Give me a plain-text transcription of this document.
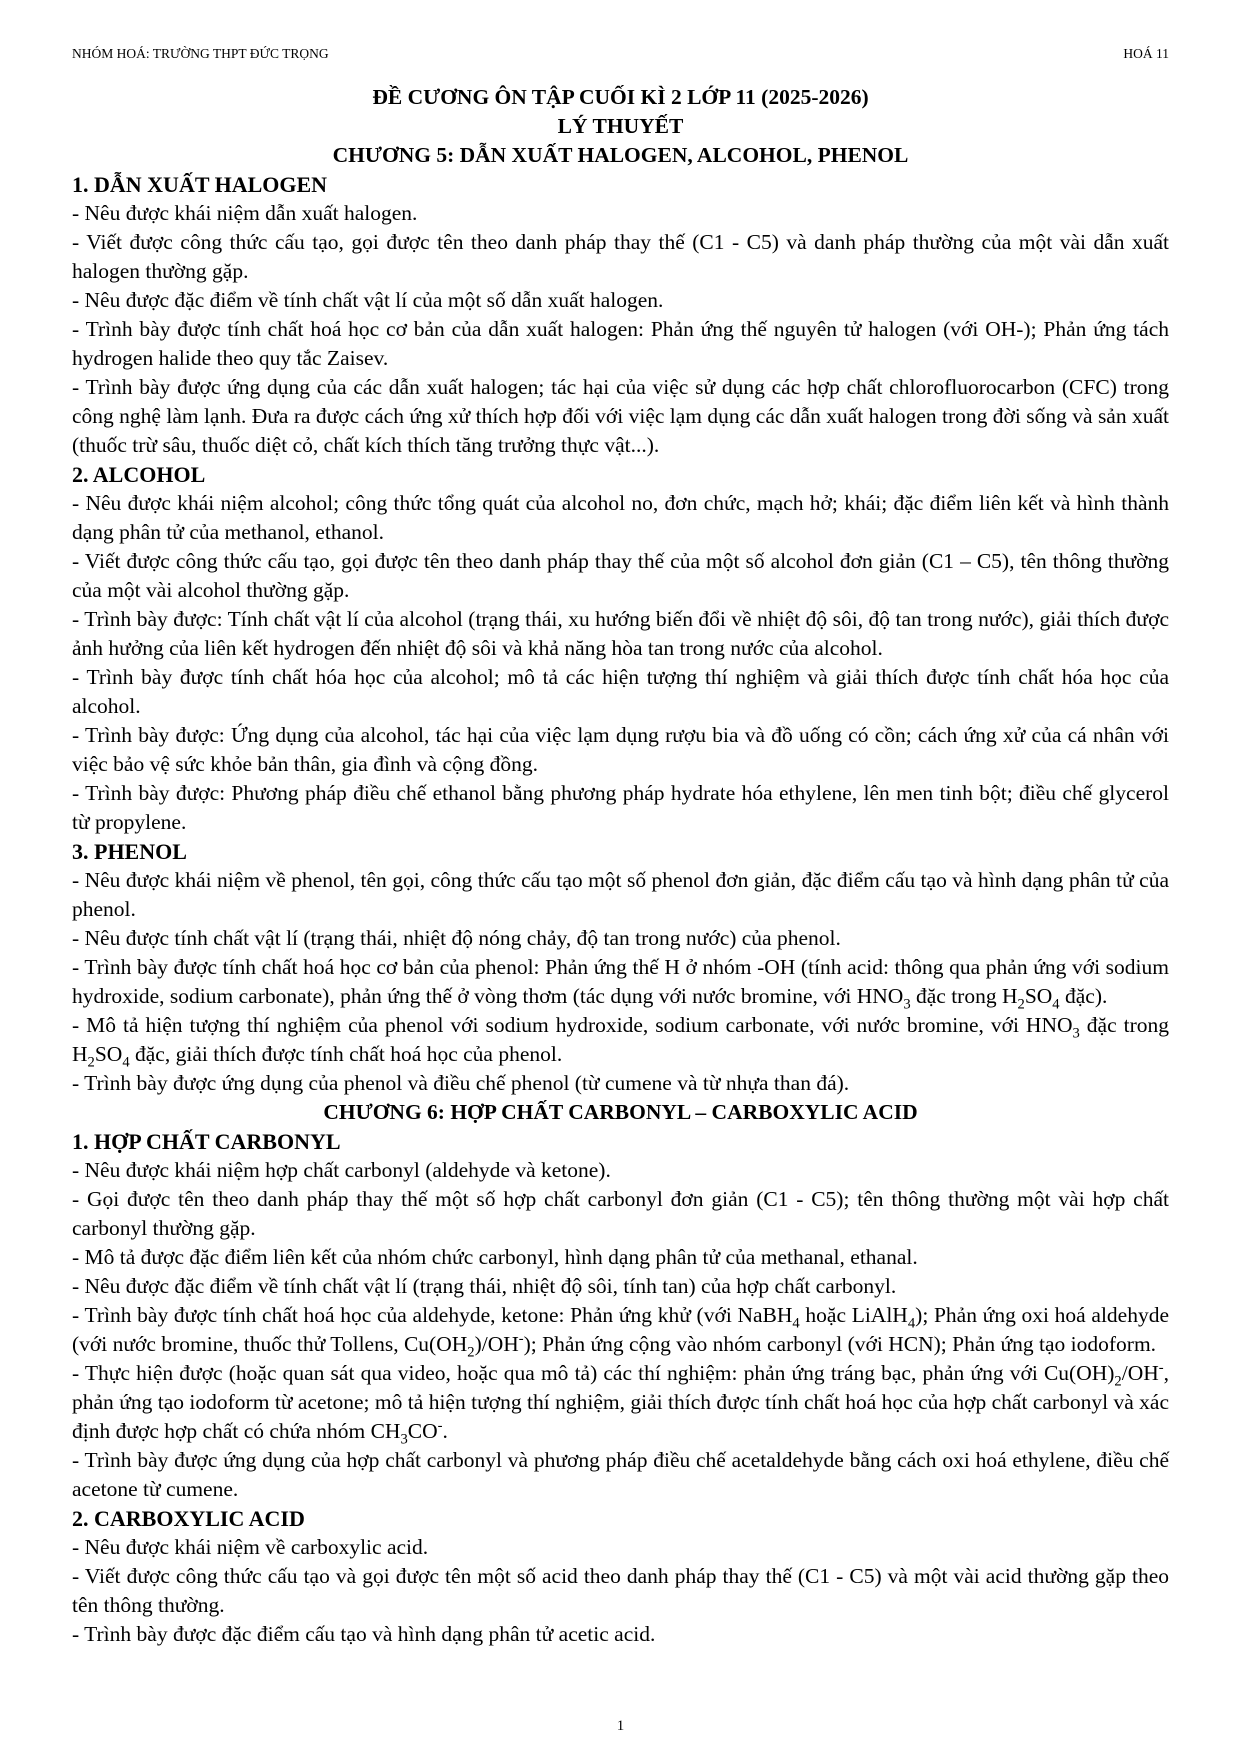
NHÓM HOÁ: TRƯỜNG THPT ĐỨC TRỌNG	HOÁ 11
ĐỀ CƯƠNG ÔN TẬP CUỐI KÌ 2 LỚP 11 (2025-2026)
LÝ THUYẾT
CHƯƠNG 5: DẪN XUẤT HALOGEN, ALCOHOL, PHENOL
1. DẪN XUẤT HALOGEN

- Nêu được khái niệm dẫn xuất halogen.

- Viết được công thức cấu tạo, gọi được tên theo danh pháp thay thế (C1 - C5) và danh pháp thường của một vài dẫn xuất halogen thường gặp.

- Nêu được đặc điểm về tính chất vật lí của một số dẫn xuất halogen.

- Trình bày được tính chất hoá học cơ bản của dẫn xuất halogen: Phản ứng thế nguyên tử halogen (với OH-); Phản ứng tách hydrogen halide theo quy tắc Zaisev.

- Trình bày được ứng dụng của các dẫn xuất halogen; tác hại của việc sử dụng các hợp chất chlorofluorocarbon (CFC) trong công nghệ làm lạnh. Đưa ra được cách ứng xử thích hợp đối với việc lạm dụng các dẫn xuất halogen trong đời sống và sản xuất (thuốc trừ sâu, thuốc diệt cỏ, chất kích thích tăng trưởng thực vật...).

2. ALCOHOL

- Nêu được khái niệm alcohol; công thức tổng quát của alcohol no, đơn chức, mạch hở; khái; đặc điểm liên kết và hình thành dạng phân tử của methanol, ethanol.

- Viết được công thức cấu tạo, gọi được tên theo danh pháp thay thế của một số alcohol đơn giản (C1 – C5), tên thông thường của một vài alcohol thường gặp.

- Trình bày được: Tính chất vật lí của alcohol (trạng thái, xu hướng biến đổi về nhiệt độ sôi, độ tan trong nước), giải thích được ảnh hưởng của liên kết hydrogen đến nhiệt độ sôi và khả năng hòa tan trong nước của alcohol.

- Trình bày được tính chất hóa học của alcohol; mô tả các hiện tượng thí nghiệm và giải thích được tính chất hóa học của alcohol.

- Trình bày được: Ứng dụng của alcohol, tác hại của việc lạm dụng rượu bia và đồ uống có cồn; cách ứng xử của cá nhân với việc bảo vệ sức khỏe bản thân, gia đình và cộng đồng.

- Trình bày được: Phương pháp điều chế ethanol bằng phương pháp hydrate hóa ethylene, lên men tinh bột; điều chế glycerol từ propylene.

3. PHENOL

- Nêu được khái niệm về phenol, tên gọi, công thức cấu tạo một số phenol đơn giản, đặc điểm cấu tạo và hình dạng phân tử của phenol.

- Nêu được tính chất vật lí (trạng thái, nhiệt độ nóng chảy, độ tan trong nước) của phenol.

- Trình bày được tính chất hoá học cơ bản của phenol: Phản ứng thế H ở nhóm -OH (tính acid: thông qua phản ứng với sodium hydroxide, sodium carbonate), phản ứng thế ở vòng thơm (tác dụng với nước bromine, với $HNO_3$ đặc trong $H_2SO_4$ đặc).

- Mô tả hiện tượng thí nghiệm của phenol với sodium hydroxide, sodium carbonate, với nước bromine, với $HNO_3$ đặc trong $H_2SO_4$ đặc, giải thích được tính chất hoá học của phenol.

- Trình bày được ứng dụng của phenol và điều chế phenol (từ cumene và từ nhựa than đá).

CHƯƠNG 6: HỢP CHẤT CARBONYL – CARBOXYLIC ACID
1. HỢP CHẤT CARBONYL

- Nêu được khái niệm hợp chất carbonyl (aldehyde và ketone).

- Gọi được tên theo danh pháp thay thế một số hợp chất carbonyl đơn giản (C1 - C5); tên thông thường một vài hợp chất carbonyl thường gặp.

- Mô tả được đặc điểm liên kết của nhóm chức carbonyl, hình dạng phân tử của methanal, ethanal.

- Nêu được đặc điểm về tính chất vật lí (trạng thái, nhiệt độ sôi, tính tan) của hợp chất carbonyl.

- Trình bày được tính chất hoá học của aldehyde, ketone: Phản ứng khử (với NaBH$_4$ hoặc LiAlH$_4$); Phản ứng oxi hoá aldehyde (với nước bromine, thuốc thử Tollens, $Cu(OH_2)/OH^-$); Phản ứng cộng vào nhóm carbonyl (với HCN); Phản ứng tạo iodoform.

- Thực hiện được (hoặc quan sát qua video, hoặc qua mô tả) các thí nghiệm: phản ứng tráng bạc, phản ứng với $Cu(OH)_2/OH^-$, phản ứng tạo iodoform từ acetone; mô tả hiện tượng thí nghiệm, giải thích được tính chất hoá học của hợp chất carbonyl và xác định được hợp chất có chứa nhóm $CH_3CO^-$.

- Trình bày được ứng dụng của hợp chất carbonyl và phương pháp điều chế acetaldehyde bằng cách oxi hoá ethylene, điều chế acetone từ cumene.

2. CARBOXYLIC ACID

- Nêu được khái niệm về carboxylic acid.

- Viết được công thức cấu tạo và gọi được tên một số acid theo danh pháp thay thế (C1 - C5) và một vài acid thường gặp theo tên thông thường.

- Trình bày được đặc điểm cấu tạo và hình dạng phân tử acetic acid.

1
